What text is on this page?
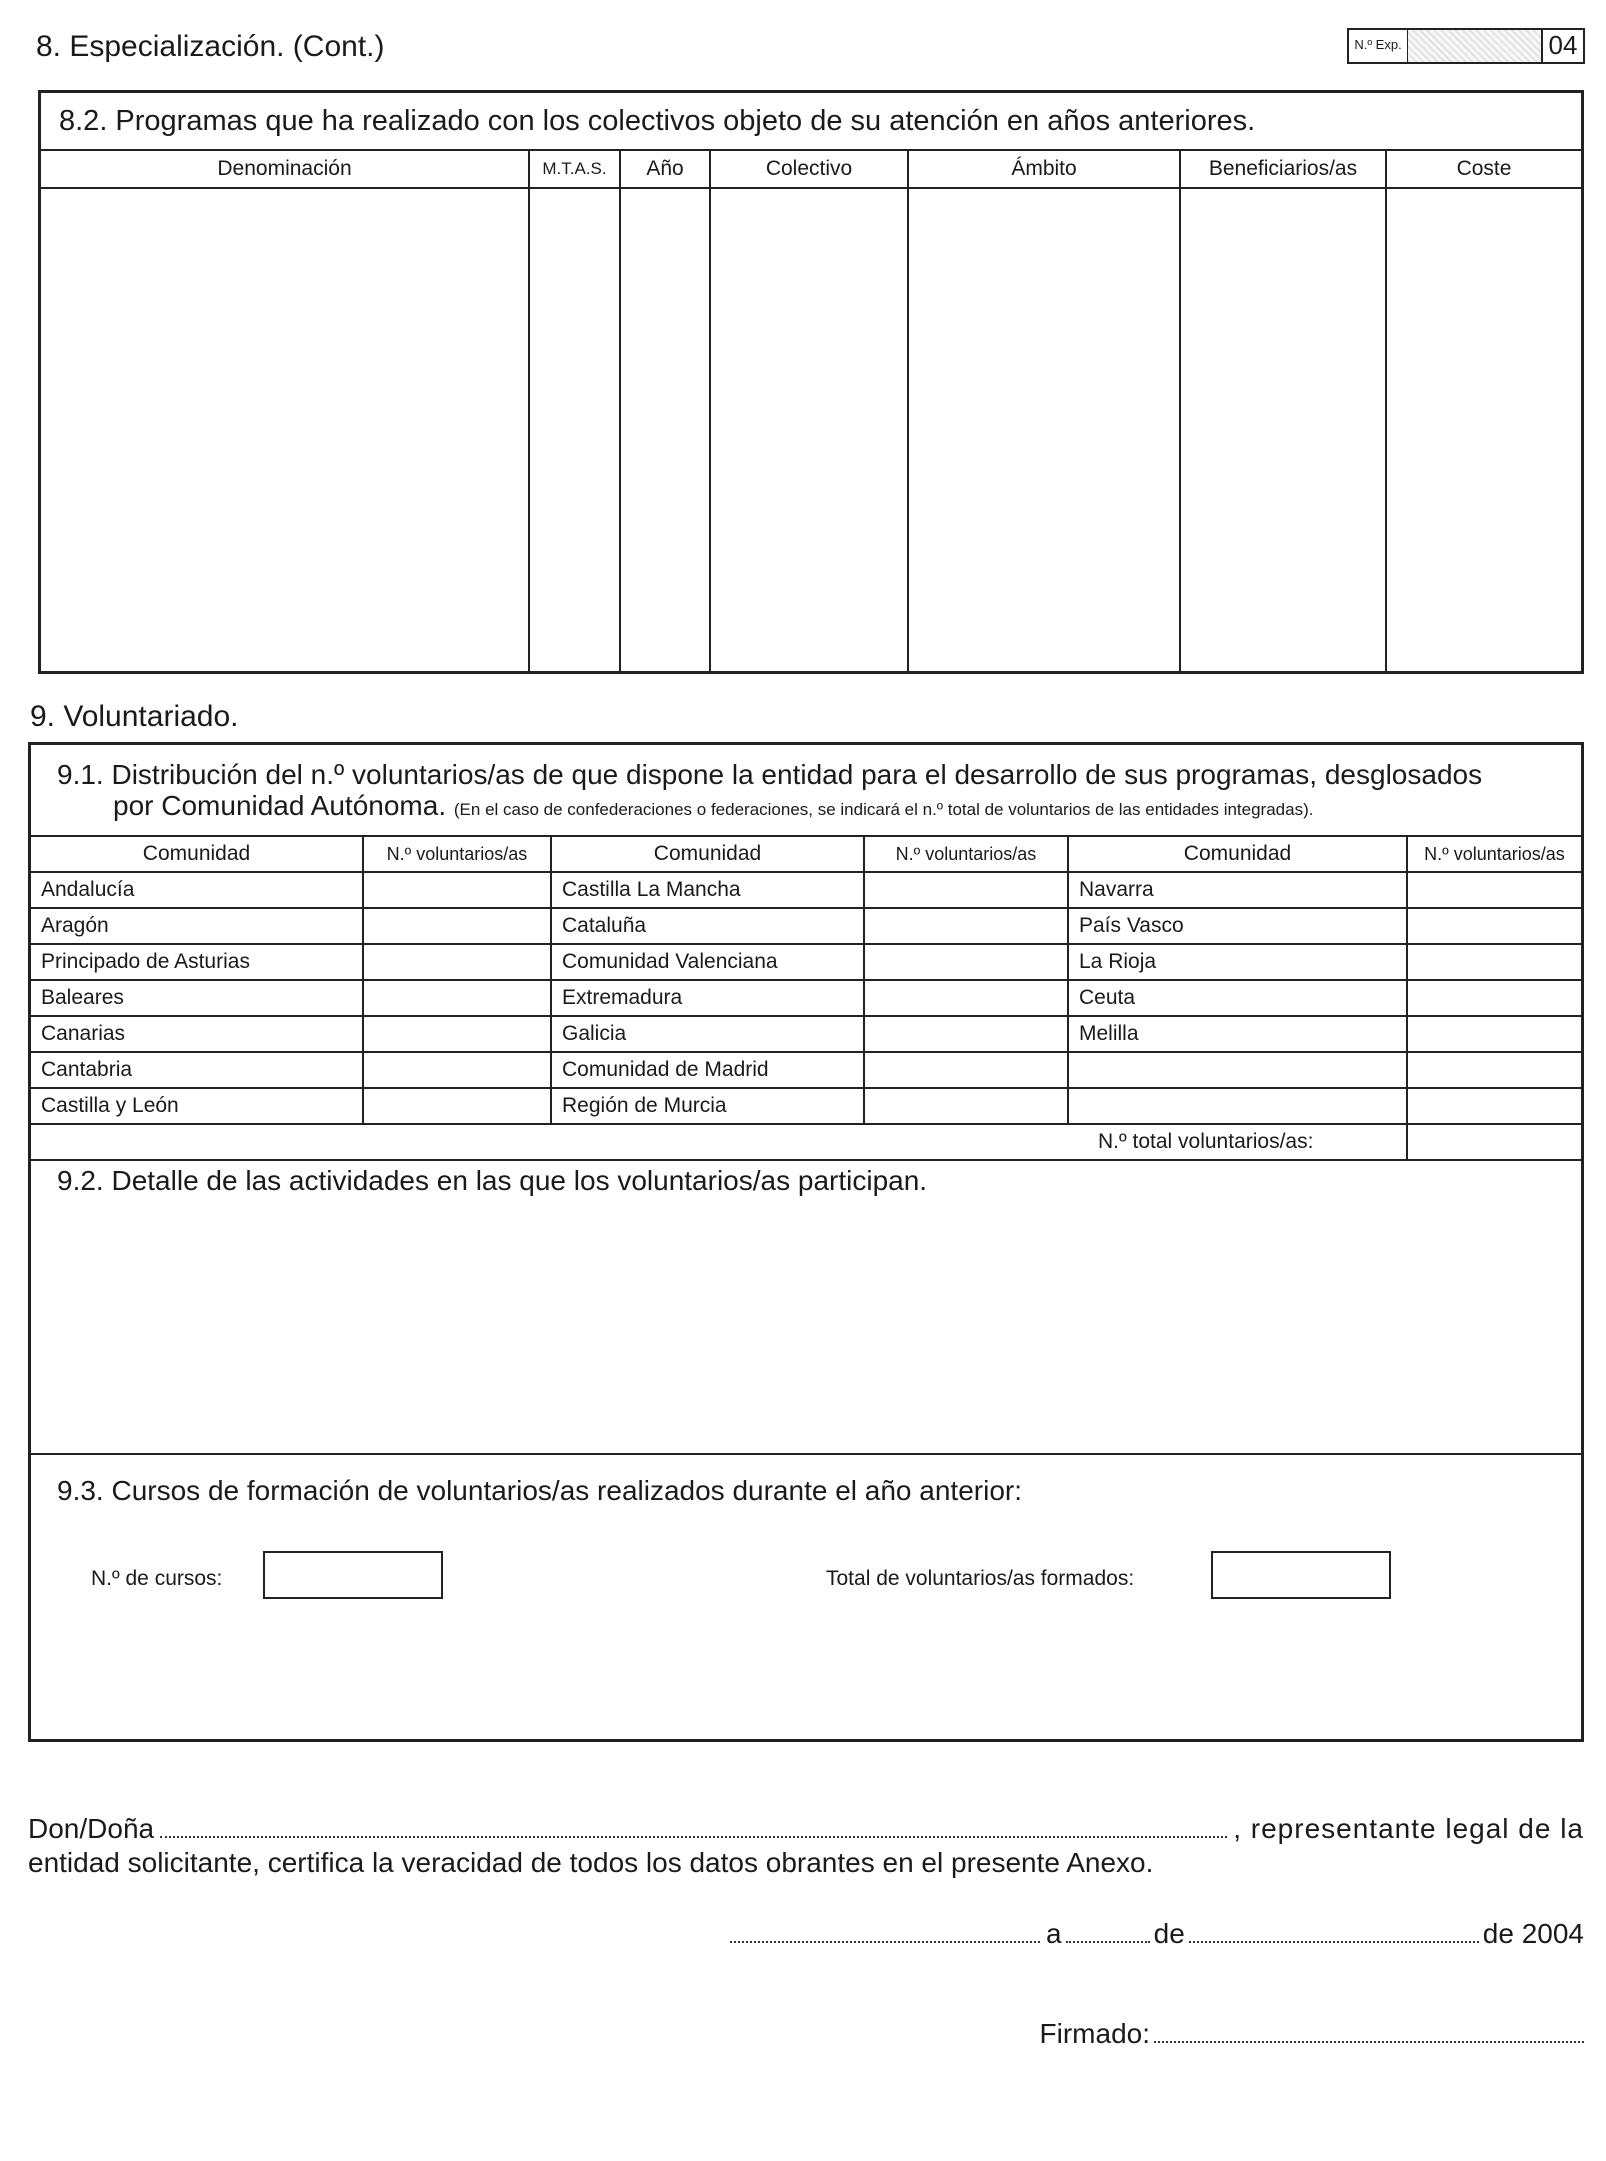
8. Especialización. (Cont.)	N.º Exp.	04
8.2. Programas que ha realizado con los colectivos objeto de su atención en años anteriores.
Denominación	M.T.A.S.	Año	Colectivo	Ámbito	Beneficiarios/as	Coste

9. Voluntariado.
9.1. Distribución del n.º voluntarios/as de que dispone la entidad para el desarrollo de sus programas, desglosados
por Comunidad Autónoma. (En el caso de confederaciones o federaciones, se indicará el n.º total de voluntarios de las entidades integradas).
Comunidad	N.º voluntarios/as	Comunidad	N.º voluntarios/as	Comunidad	N.º voluntarios/as
Andalucía		Castilla La Mancha		Navarra	
Aragón		Cataluña		País Vasco	
Principado de Asturias		Comunidad Valenciana		La Rioja	
Baleares		Extremadura		Ceuta	
Canarias		Galicia		Melilla	
Cantabria		Comunidad de Madrid			
Castilla y León		Región de Murcia			
				N.º total voluntarios/as:	
9.2. Detalle de las actividades en las que los voluntarios/as participan.
9.3. Cursos de formación de voluntarios/as realizados durante el año anterior:
N.º de cursos:	Total de voluntarios/as formados:
Don/Doña	, representante legal de la
entidad solicitante, certifica la veracidad de todos los datos obrantes en el presente Anexo.
a	de	de 2004
Firmado:
